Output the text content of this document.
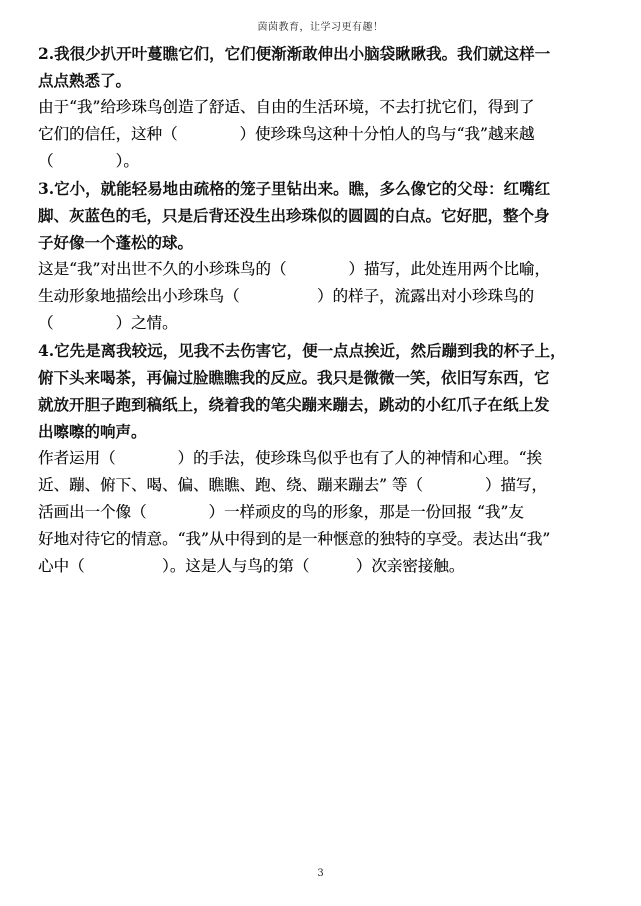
茵茵教育，让学习更有趣！
2.我很少扒开叶蔓瞧它们，它们便渐渐敢伸出小脑袋瞅瞅我。我们就这样一
点点熟悉了。
由于“我”给珍珠鸟创造了舒适、自由的生活环境，不去打扰它们，得到了
它们的信任，这种（　　　　）使珍珠鸟这种十分怕人的鸟与“我”越来越
（　　　　）。
3.它小，就能轻易地由疏格的笼子里钻出来。瞧，多么像它的父母：红嘴红
脚、灰蓝色的毛，只是后背还没生出珍珠似的圆圆的白点。它好肥，整个身
子好像一个蓬松的球。
这是“我”对出世不久的小珍珠鸟的（　　　　）描写，此处连用两个比喻，
生动形象地描绘出小珍珠鸟（　　　　　）的样子，流露出对小珍珠鸟的
（　　　　）之情。
4.它先是离我较远，见我不去伤害它，便一点点挨近，然后蹦到我的杯子上，
俯下头来喝茶，再偏过脸瞧瞧我的反应。我只是微微一笑，依旧写东西，它
就放开胆子跑到稿纸上，绕着我的笔尖蹦来蹦去，跳动的小红爪子在纸上发
出嚓嚓的响声。
作者运用（　　　　）的手法，使珍珠鸟似乎也有了人的神情和心理。“挨
近、蹦、俯下、喝、偏、瞧瞧、跑、绕、蹦来蹦去” 等（　　　　）描写，
活画出一个像（　　　　）一样顽皮的鸟的形象，那是一份回报 “我”友
好地对待它的情意。“我”从中得到的是一种惬意的独特的享受。表达出“我”
心中（　　　　　）。这是人与鸟的第（　　　）次亲密接触。
3
